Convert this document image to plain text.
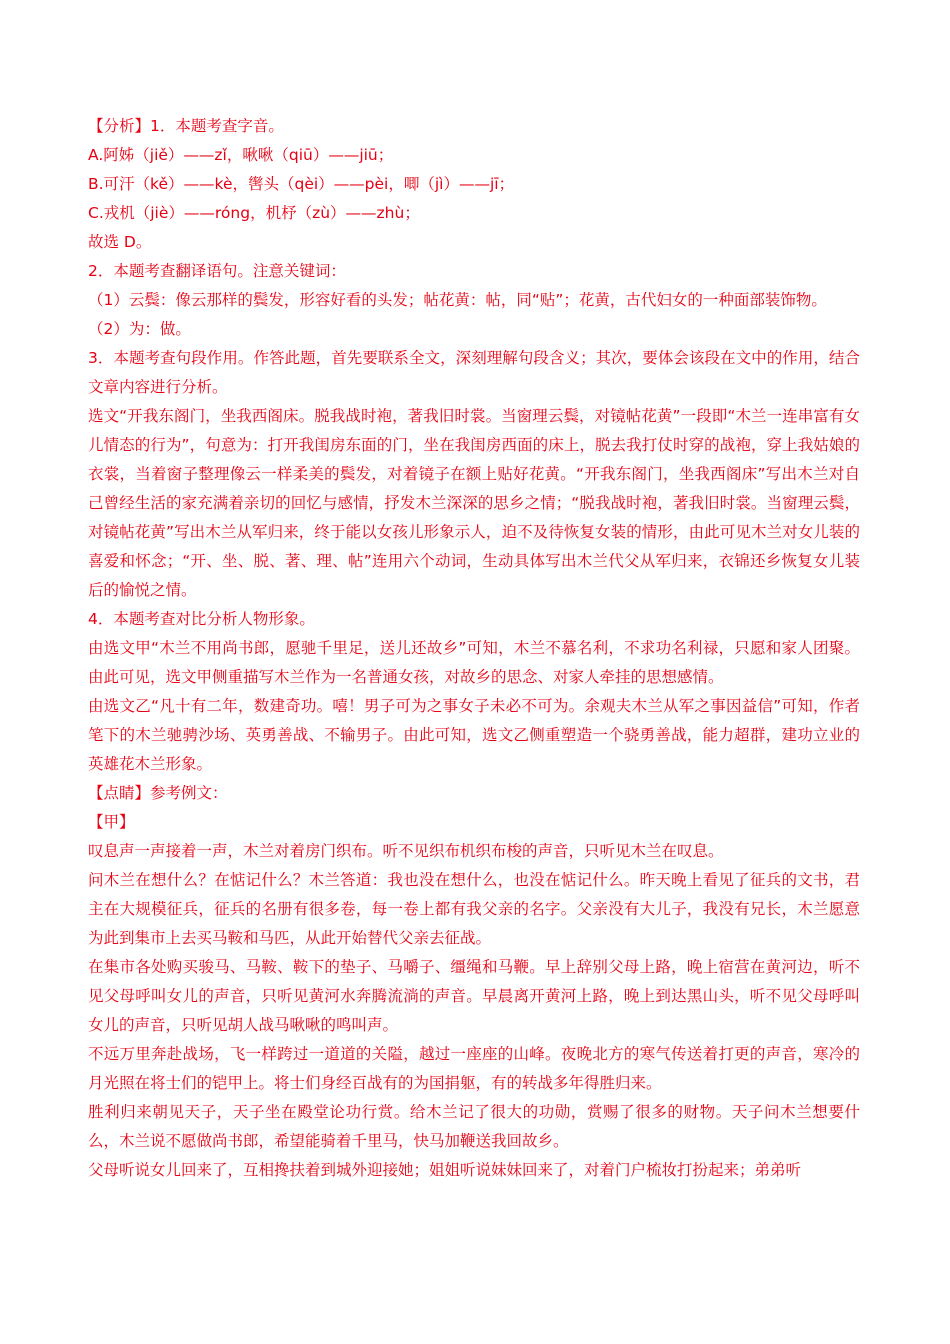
【分析】1．本题考查字音。

A.阿姊（jiě）——zǐ，啾啾（qiū）——jiū；

B.可汗（kě）——kè，辔头（qèi）——pèi，唧（jì）——jī；

C.戎机（jiè）——róng，机杼（zù）——zhù；

故选 D。

2．本题考查翻译语句。注意关键词：

（1）云鬓：像云那样的鬓发，形容好看的头发；帖花黄：帖，同“贴”；花黄，古代妇女的一种面部装饰物。

（2）为：做。

3．本题考查句段作用。作答此题，首先要联系全文，深刻理解句段含义；其次，要体会该段在文中的作用，结合文章内容进行分析。

选文“开我东阁门，坐我西阁床。脱我战时袍，著我旧时裳。当窗理云鬓，对镜帖花黄”一段即“木兰一连串富有女儿情态的行为”，句意为：打开我闺房东面的门，坐在我闺房西面的床上，脱去我打仗时穿的战袍，穿上我姑娘的衣裳，当着窗子整理像云一样柔美的鬓发，对着镜子在额上贴好花黄。“开我东阁门，坐我西阁床”写出木兰对自己曾经生活的家充满着亲切的回忆与感情，抒发木兰深深的思乡之情；“脱我战时袍，著我旧时裳。当窗理云鬓，对镜帖花黄”写出木兰从军归来，终于能以女孩儿形象示人，迫不及待恢复女装的情形，由此可见木兰对女儿装的喜爱和怀念；“开、坐、脱、著、理、帖”连用六个动词，生动具体写出木兰代父从军归来，衣锦还乡恢复女儿装后的愉悦之情。

4．本题考查对比分析人物形象。

由选文甲“木兰不用尚书郎，愿驰千里足，送儿还故乡”可知，木兰不慕名利，不求功名利禄，只愿和家人团聚。由此可见，选文甲侧重描写木兰作为一名普通女孩，对故乡的思念、对家人牵挂的思想感情。

由选文乙“凡十有二年，数建奇功。嘻！男子可为之事女子未必不可为。余观夫木兰从军之事因益信”可知，作者笔下的木兰驰骋沙场、英勇善战、不输男子。由此可知，选文乙侧重塑造一个骁勇善战，能力超群，建功立业的英雄花木兰形象。

【点睛】参考例文：

【甲】

叹息声一声接着一声，木兰对着房门织布。听不见织布机织布梭的声音，只听见木兰在叹息。

问木兰在想什么？在惦记什么？木兰答道：我也没在想什么，也没在惦记什么。昨天晚上看见了征兵的文书，君主在大规模征兵，征兵的名册有很多卷，每一卷上都有我父亲的名字。父亲没有大儿子，我没有兄长，木兰愿意为此到集市上去买马鞍和马匹，从此开始替代父亲去征战。

在集市各处购买骏马、马鞍、鞍下的垫子、马嚼子、缰绳和马鞭。早上辞别父母上路，晚上宿营在黄河边，听不见父母呼叫女儿的声音，只听见黄河水奔腾流淌的声音。早晨离开黄河上路，晚上到达黑山头，听不见父母呼叫女儿的声音，只听见胡人战马啾啾的鸣叫声。

不远万里奔赴战场，飞一样跨过一道道的关隘，越过一座座的山峰。夜晚北方的寒气传送着打更的声音，寒冷的月光照在将士们的铠甲上。将士们身经百战有的为国捐躯，有的转战多年得胜归来。

胜利归来朝见天子，天子坐在殿堂论功行赏。给木兰记了很大的功勋，赏赐了很多的财物。天子问木兰想要什么，木兰说不愿做尚书郎，希望能骑着千里马，快马加鞭送我回故乡。

父母听说女儿回来了，互相搀扶着到城外迎接她；姐姐听说妹妹回来了，对着门户梳妆打扮起来；弟弟听
